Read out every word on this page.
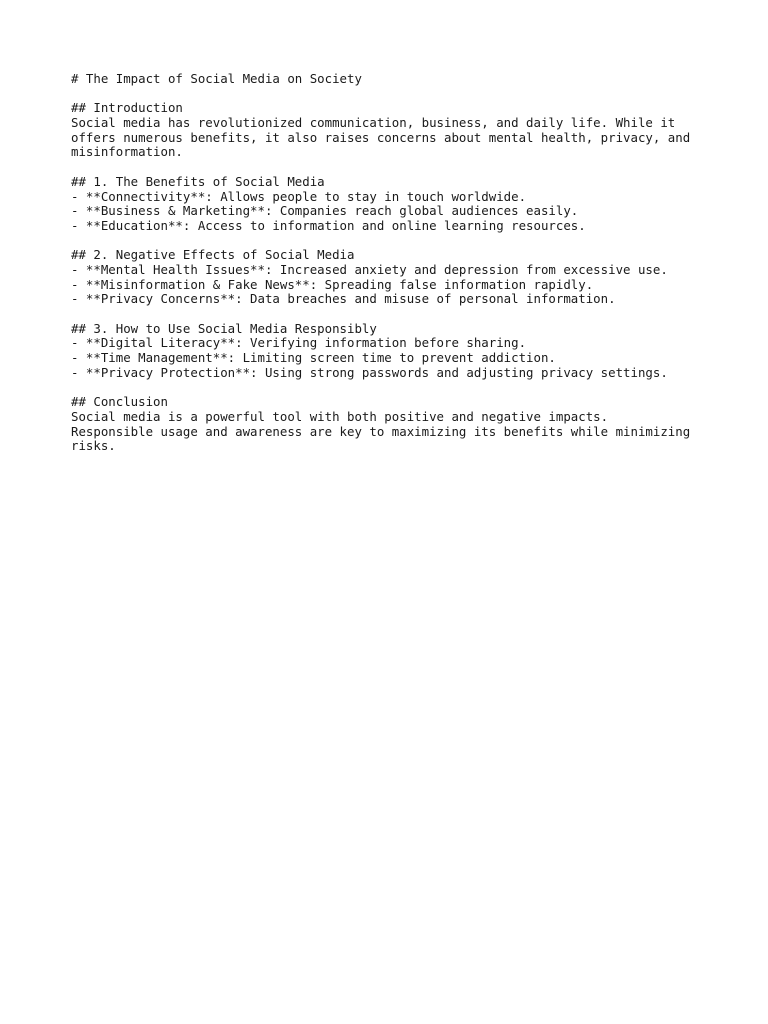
# The Impact of Social Media on Society
## Introduction
Social media has revolutionized communication, business, and daily life. While it
offers numerous benefits, it also raises concerns about mental health, privacy, and
misinformation.
## 1. The Benefits of Social Media
- **Connectivity**: Allows people to stay in touch worldwide.
- **Business & Marketing**: Companies reach global audiences easily.
- **Education**: Access to information and online learning resources.
## 2. Negative Effects of Social Media
- **Mental Health Issues**: Increased anxiety and depression from excessive use.
- **Misinformation & Fake News**: Spreading false information rapidly.
- **Privacy Concerns**: Data breaches and misuse of personal information.
## 3. How to Use Social Media Responsibly
- **Digital Literacy**: Verifying information before sharing.
- **Time Management**: Limiting screen time to prevent addiction.
- **Privacy Protection**: Using strong passwords and adjusting privacy settings.
## Conclusion
Social media is a powerful tool with both positive and negative impacts.
Responsible usage and awareness are key to maximizing its benefits while minimizing
risks.
